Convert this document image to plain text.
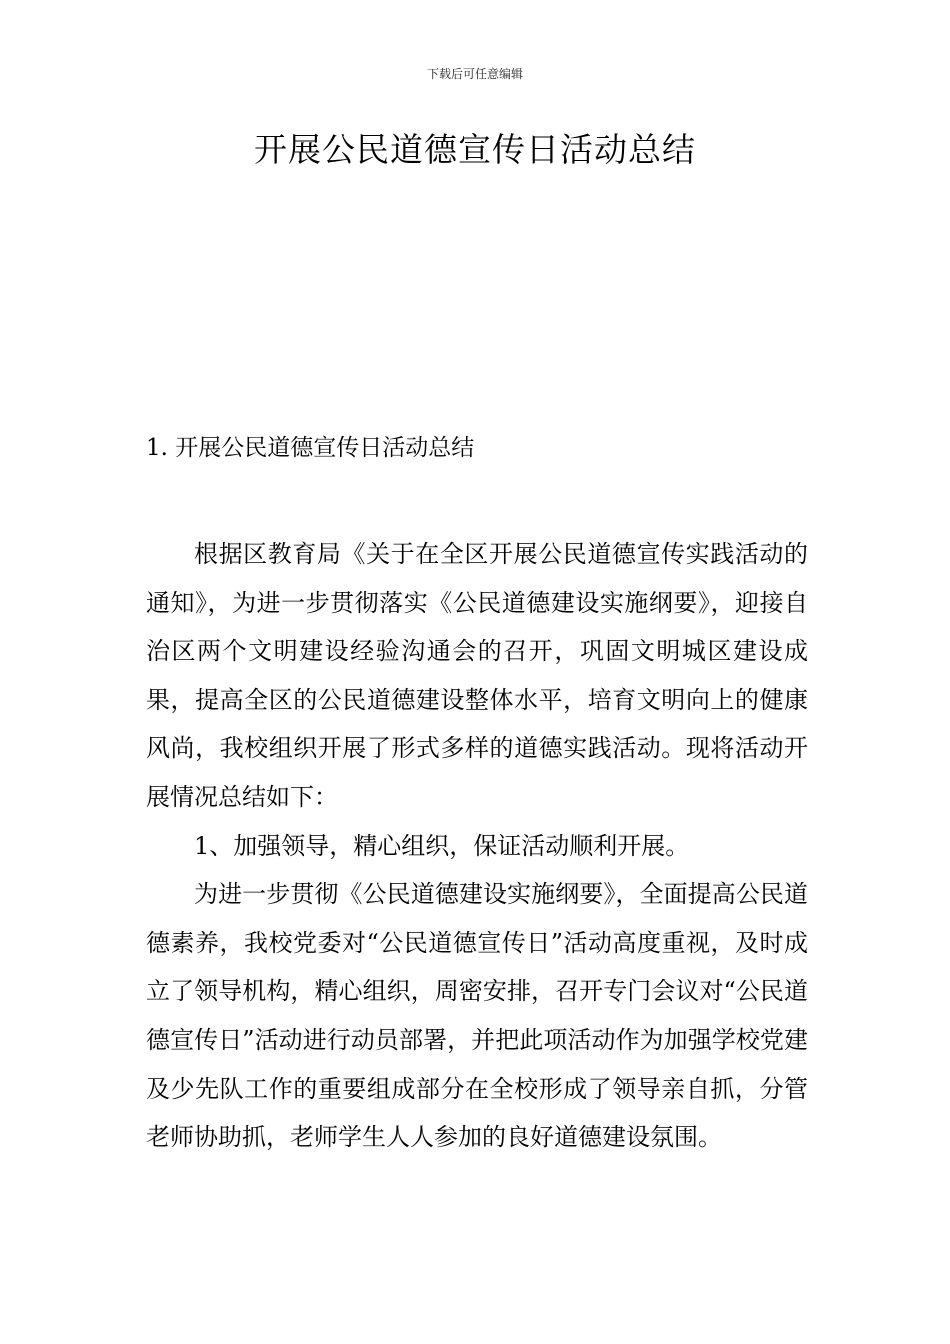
下载后可任意编辑
开展公民道德宣传日活动总结
1. 开展公民道德宣传日活动总结

根据区教育局《关于在全区开展公民道德宣传实践活动的通知》，为进一步贯彻落实《公民道德建设实施纲要》，迎接自治区两个文明建设经验沟通会的召开，巩固文明城区建设成果，提高全区的公民道德建设整体水平，培育文明向上的健康风尚，我校组织开展了形式多样的道德实践活动。现将活动开展情况总结如下：

1、加强领导，精心组织，保证活动顺利开展。

为进一步贯彻《公民道德建设实施纲要》，全面提高公民道德素养，我校党委对“公民道德宣传日”活动高度重视，及时成立了领导机构，精心组织，周密安排，召开专门会议对“公民道德宣传日”活动进行动员部署，并把此项活动作为加强学校党建及少先队工作的重要组成部分在全校形成了领导亲自抓，分管老师协助抓，老师学生人人参加的良好道德建设氛围。
